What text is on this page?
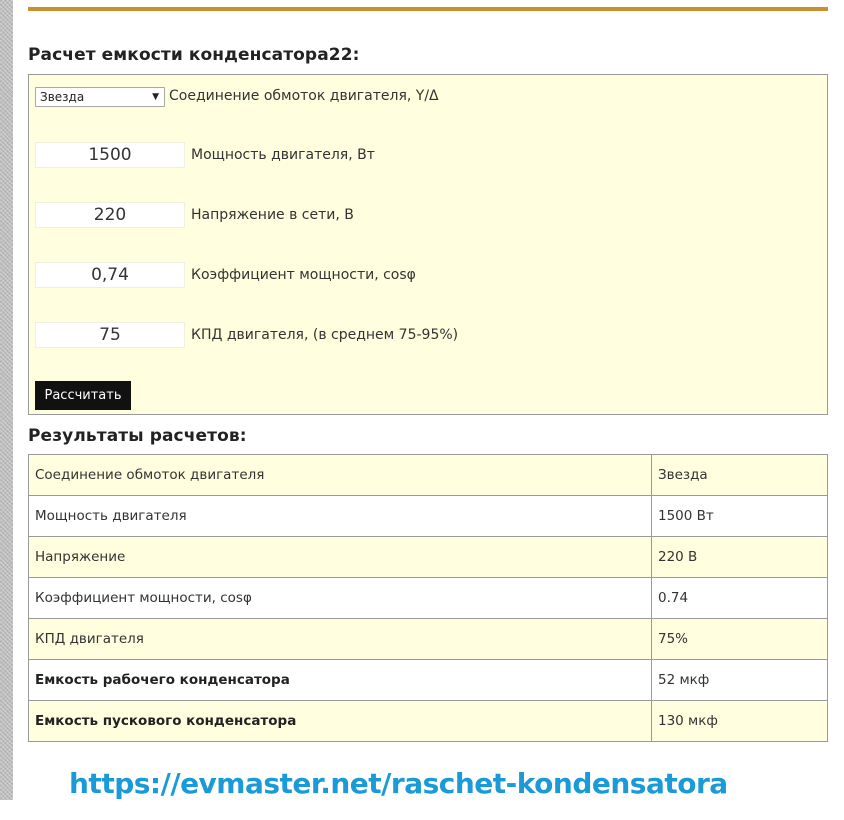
Расчет емкости конденсатора22:
Звезда	▼ Соединение обмоток двигателя, Y/Δ
1500	Мощность двигателя, Вт
220	Напряжение в сети, В
0,74	Коэффициент мощности, cosφ
75	КПД двигателя, (в среднем 75-95%)
Рассчитать
Результаты расчетов:
Соединение обмоток двигателя	Звезда
Мощность двигателя	1500 Вт
Напряжение	220 В
Коэффициент мощности, cosφ	0.74
КПД двигателя	75%
Емкость рабочего конденсатора	52 мкф
Емкость пускового конденсатора	130 мкф
https://evmaster.net/raschet-kondensatora
